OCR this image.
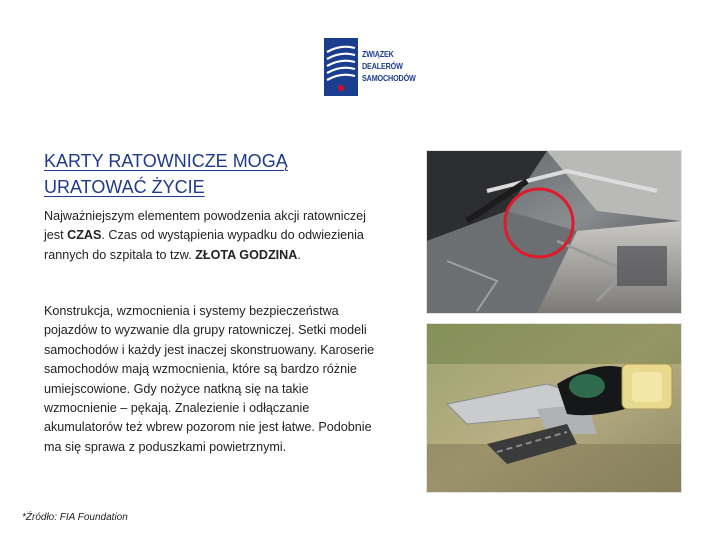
ZWIĄZEK
DEALERÓW
SAMOCHODÓW
KARTY RATOWNICZE MOGĄ
URATOWAĆ ŻYCIE

Najważniejszym elementem powodzenia akcji ratowniczej jest CZAS. Czas od wystąpienia wypadku do odwiezienia rannych do szpitala to tzw. ZŁOTA GODZINA.

Konstrukcja, wzmocnienia i systemy bezpieczeństwa pojazdów to wyzwanie dla grupy ratowniczej. Setki modeli samochodów i każdy jest inaczej skonstruowany. Karoserie samochodów mają wzmocnienia, które są bardzo różnie umiejscowione. Gdy nożyce natkną się na takie wzmocnienie – pękają. Znalezienie i odłączanie akumulatorów też wbrew pozorom nie jest łatwe. Podobnie ma się sprawa z poduszkami powietrznymi.

*Źródło: FIA Foundation
